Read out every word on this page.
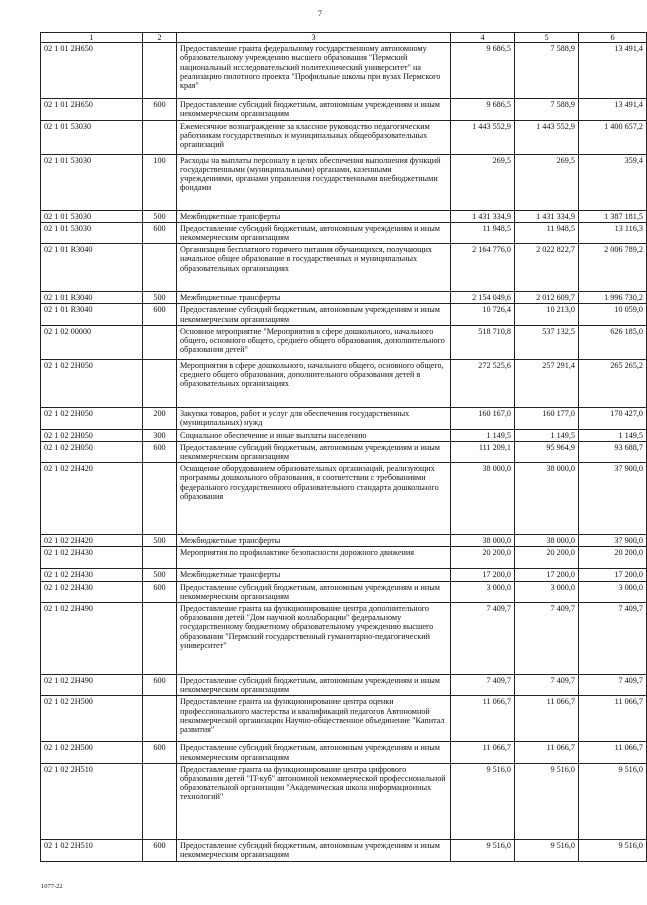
7
1	2	3	4	5	6
02 1 01 2H650		Предоставление гранта федеральному государственному автономному образовательному учреждению высшего образования "Пермский национальный исследовательский политехнический университет" на реализацию пилотного проекта "Профильные школы при вузах Пермского края"	9 686,5	7 588,9	13 491,4
02 1 01 2H650	600	Предоставление субсидий бюджетным, автономным учреждениям и иным некоммерческим организациям	9 686,5	7 588,9	13 491,4
02 1 01 53030		Ежемесячное вознаграждение за классное руководство педагогическим работникам государственных и муниципальных общеобразовательных организаций	1 443 552,9	1 443 552,9	1 400 657,2
02 1 01 53030	100	Расходы на выплаты персоналу в целях обеспечения выполнения функций государственными (муниципальными) органами, казенными учреждениями, органами управления государственными внебюджетными фондами	269,5	269,5	359,4
02 1 01 53030	500	Межбюджетные трансферты	1 431 334,9	1 431 334,9	1 387 181,5
02 1 01 53030	600	Предоставление субсидий бюджетным, автономным учреждениям и иным некоммерческим организациям	11 948,5	11 948,5	13 116,3
02 1 01 R3040		Организация бесплатного горячего питания обучающихся, получающих начальное общее образование в государственных и муниципальных образовательных организациях	2 164 776,0	2 022 822,7	2 006 789,2
02 1 01 R3040	500	Межбюджетные трансферты	2 154 049,6	2 012 609,7	1 996 730,2
02 1 01 R3040	600	Предоставление субсидий бюджетным, автономным учреждениям и иным некоммерческим организациям	10 726,4	10 213,0	10 059,0
02 1 02 00000		Основное мероприятие "Мероприятия в сфере дошкольного, начального общего, основного общего, среднего общего образования, дополнительного образования детей"	518 710,8	537 132,5	626 185,0
02 1 02 2H050		Мероприятия в сфере дошкольного, начального общего, основного общего, среднего общего образования, дополнительного образования детей в образовательных организациях	272 525,6	257 291,4	265 265,2
02 1 02 2H050	200	Закупка товаров, работ и услуг для обеспечения государственных (муниципальных) нужд	160 167,0	160 177,0	170 427,0
02 1 02 2H050	300	Социальное обеспечение и иные выплаты населению	1 149,5	1 149,5	1 149,5
02 1 02 2H050	600	Предоставление субсидий бюджетным, автономным учреждениям и иным некоммерческим организациям	111 209,1	95 964,9	93 688,7
02 1 02 2H420		Оснащение оборудованием образовательных организаций, реализующих программы дошкольного образования, в соответствии с требованиями федерального государственного образовательного стандарта дошкольного образования	38 000,0	38 000,0	37 900,0
02 1 02 2H420	500	Межбюджетные трансферты	38 000,0	38 000,0	37 900,0
02 1 02 2H430		Мероприятия по профилактике безопасности дорожного движения	20 200,0	20 200,0	20 200,0
02 1 02 2H430	500	Межбюджетные трансферты	17 200,0	17 200,0	17 200,0
02 1 02 2H430	600	Предоставление субсидий бюджетным, автономным учреждениям и иным некоммерческим организациям	3 000,0	3 000,0	3 000,0
02 1 02 2H490		Предоставление гранта на функционирование центра дополнительного образования детей "Дом научной коллаборации" федеральному государственному бюджетному образовательному учреждению высшего образования "Пермский государственный гуманитарно-педагогический университет"	7 409,7	7 409,7	7 409,7
02 1 02 2H490	600	Предоставление субсидий бюджетным, автономным учреждениям и иным некоммерческим организациям	7 409,7	7 409,7	7 409,7
02 1 02 2H500		Предоставление гранта на функционирование центра оценки профессионального мастерства и квалификаций педагогов Автономной некоммерческой организации Научно-общественное объединение "Капитал развития"	11 066,7	11 066,7	11 066,7
02 1 02 2H500	600	Предоставление субсидий бюджетным, автономным учреждениям и иным некоммерческим организациям	11 066,7	11 066,7	11 066,7
02 1 02 2H510		Предоставление гранта на функционирование центра цифрового образования детей "IT-куб" автономной некоммерческой профессиональной образовательной организации "Академическая школа информационных технологий"	9 516,0	9 516,0	9 516,0
02 1 02 2H510	600	Предоставление субсидий бюджетным, автономным учреждениям и иным некоммерческим организациям	9 516,0	9 516,0	9 516,0
1077-22
